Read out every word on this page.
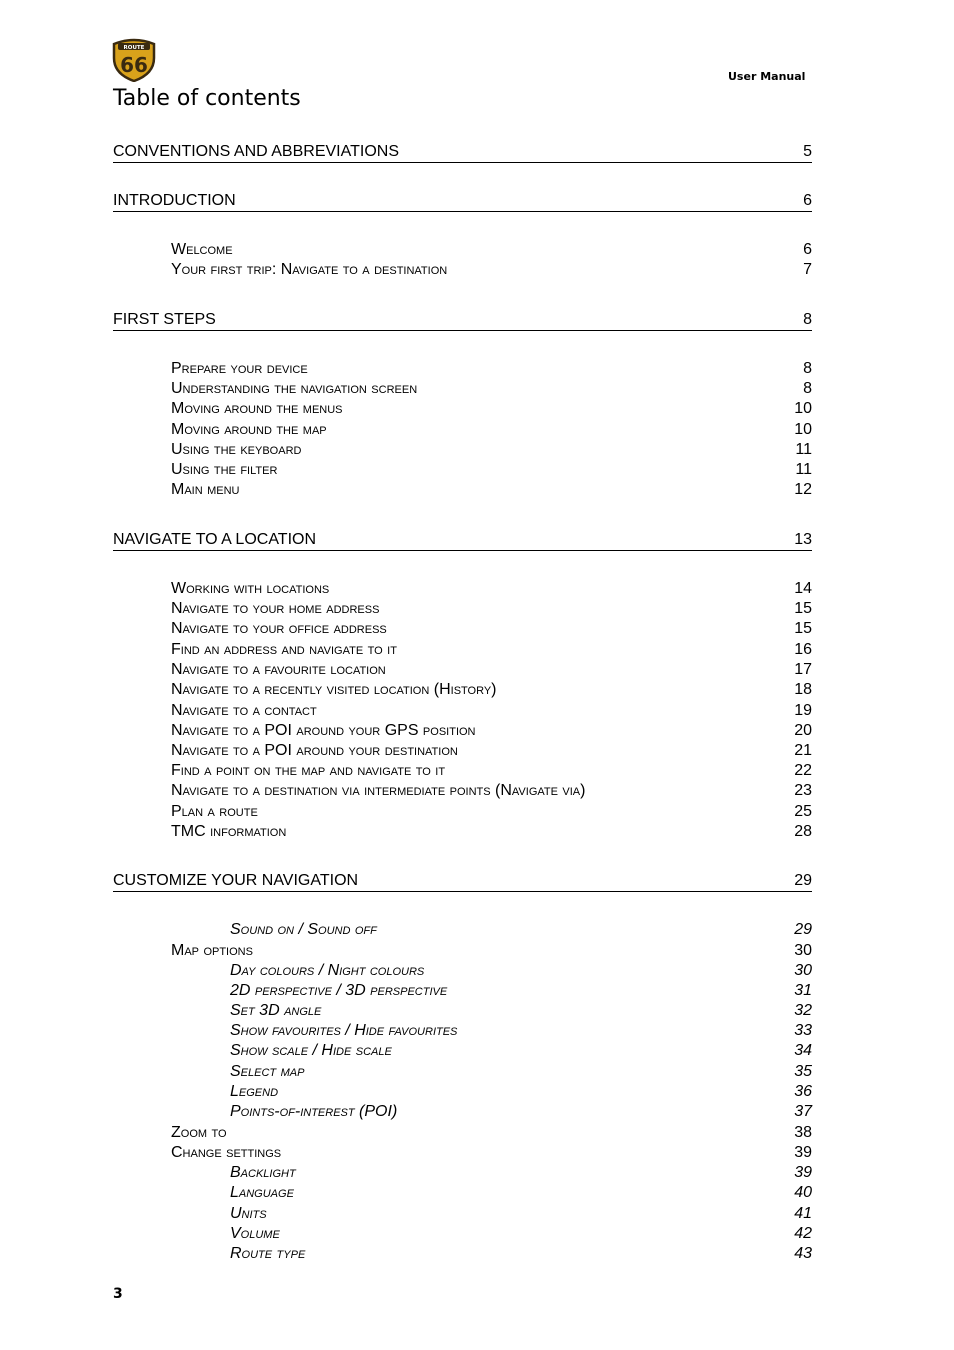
ROUTE
66	User Manual
Table of contents
CONVENTIONS AND ABBREVIATIONS	5
INTRODUCTION	6
Welcome	6
Your first trip: Navigate to a destination	7
FIRST STEPS	8
Prepare your device	8
Understanding the navigation screen	8
Moving around the menus	10
Moving around the map	10
Using the keyboard	11
Using the filter	11
Main menu	12
NAVIGATE TO A LOCATION	13
Working with locations	14
Navigate to your home address	15
Navigate to your office address	15
Find an address and navigate to it	16
Navigate to a favourite location	17
Navigate to a recently visited location (History)	18
Navigate to a contact	19
Navigate to a POI around your GPS position	20
Navigate to a POI around your destination	21
Find a point on the map and navigate to it	22
Navigate to a destination via intermediate points (Navigate via)	23
Plan a route	25
TMC information	28
CUSTOMIZE YOUR NAVIGATION	29
Sound on / Sound off	29
Map options	30
Day colours / Night colours	30
2D perspective / 3D perspective	31
Set 3D angle	32
Show favourites / Hide favourites	33
Show scale / Hide scale	34
Select map	35
Legend	36
Points-of-interest (POI)	37
Zoom to	38
Change settings	39
Backlight	39
Language	40
Units	41
Volume	42
Route type	43
3
